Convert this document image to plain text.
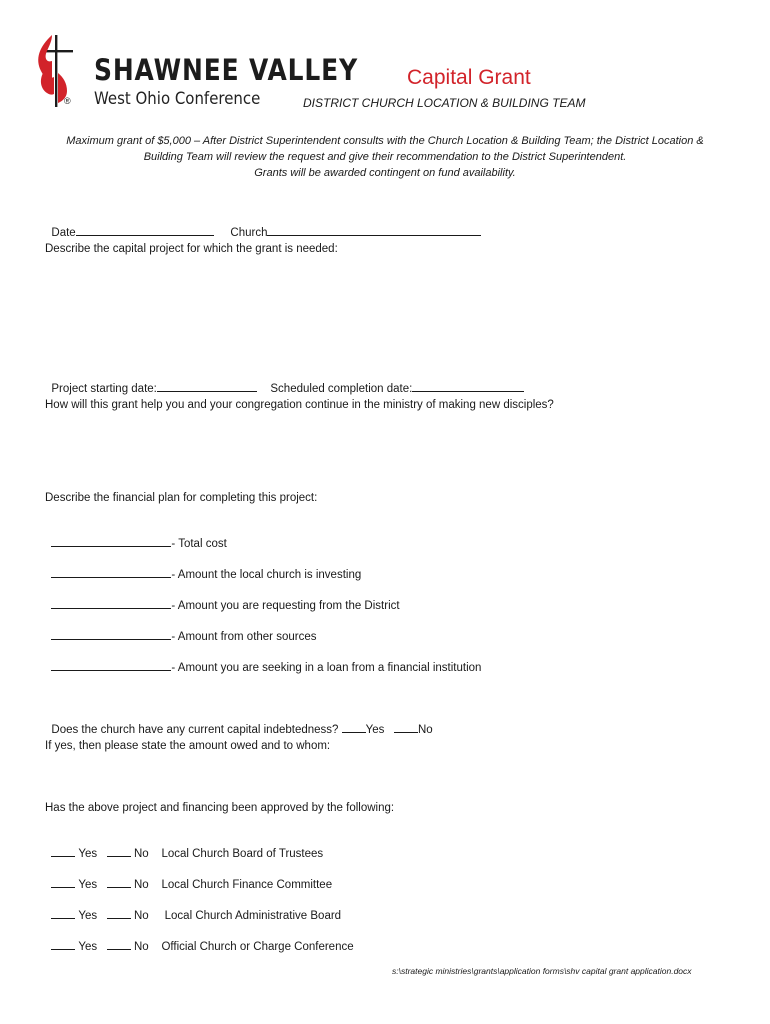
®
SHAWNEE VALLEY
West Ohio Conference
Capital Grant
DISTRICT CHURCH LOCATION & BUILDING TEAM
Maximum grant of $5,000 – After District Superintendent consults with the Church Location & Building Team; the District Location &
Building Team will review the request and give their recommendation to the District Superintendent.
Grants will be awarded contingent on fund availability.

Date	Church

Describe the capital project for which the grant is needed:

Project starting date:	Scheduled completion date:

How will this grant help you and your congregation continue in the ministry of making new disciples?
Describe the financial plan for completing this project:

- Total cost

- Amount the local church is investing

- Amount you are requesting from the District

- Amount from other sources

- Amount you are seeking in a loan from a financial institution

Does the church have any current capital indebtedness? Yes	No

If yes, then please state the amount owed and to whom:
Has the above project and financing been approved by the following:

Yes	No Local Church Board of Trustees

Yes	No Local Church Finance Committee

Yes	No Local Church Administrative Board

Yes	No Official Church or Charge Conference

s:\strategic ministries\grants\application forms\shv capital grant application.docx
